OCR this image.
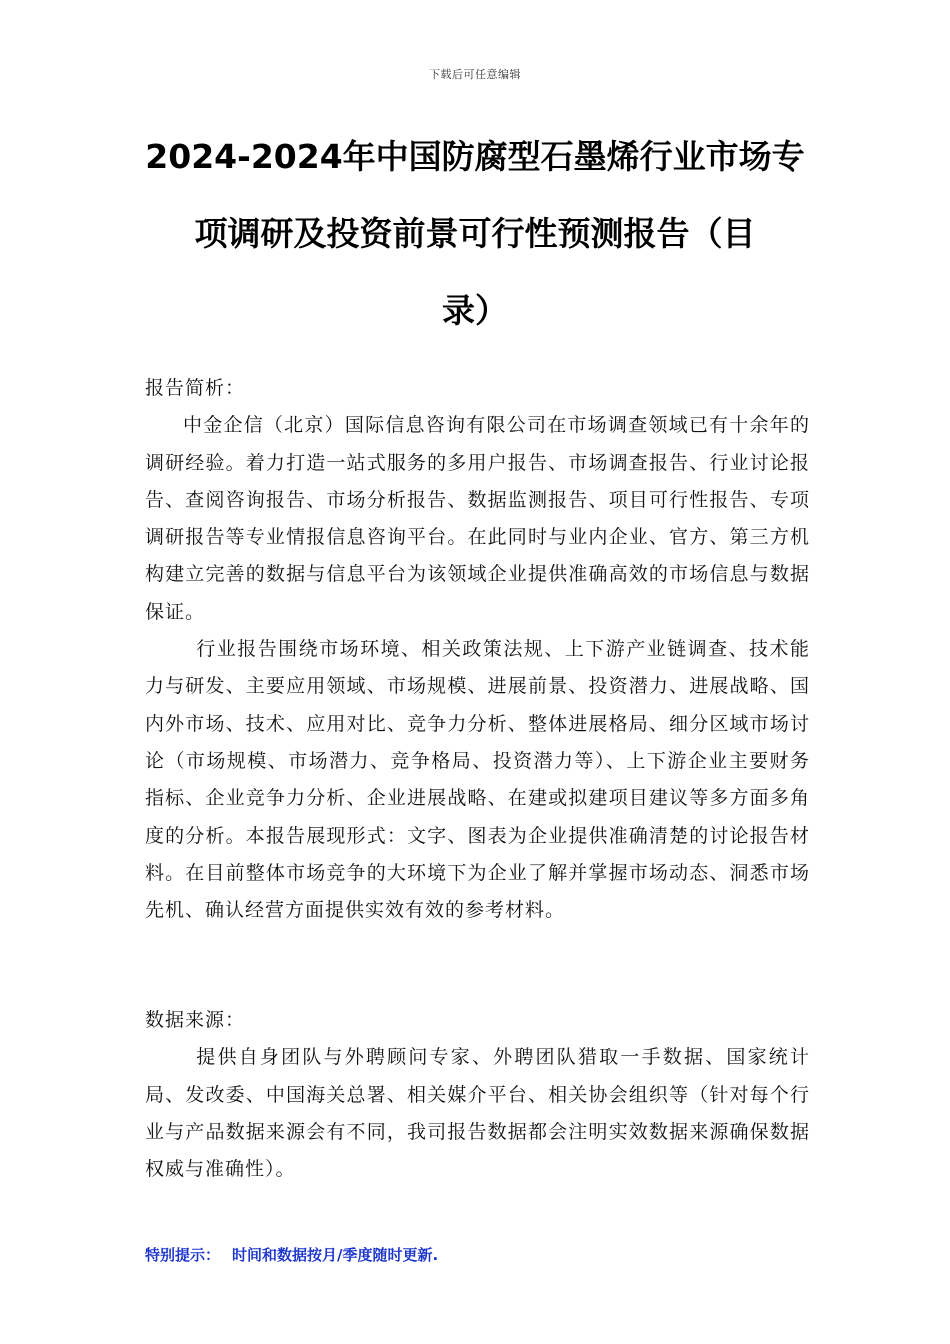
下载后可任意编辑
2024-2024年中国防腐型石墨烯行业市场专
项调研及投资前景可行性预测报告（目
录）

报告简析：

中金企信（北京）国际信息咨询有限公司在市场调查领域已有十余年的调研经验。着力打造一站式服务的多用户报告、市场调查报告、行业讨论报告、查阅咨询报告、市场分析报告、数据监测报告、项目可行性报告、专项调研报告等专业情报信息咨询平台。在此同时与业内企业、官方、第三方机构建立完善的数据与信息平台为该领域企业提供准确高效的市场信息与数据保证。

行业报告围绕市场环境、相关政策法规、上下游产业链调查、技术能力与研发、主要应用领域、市场规模、进展前景、投资潜力、进展战略、国内外市场、技术、应用对比、竞争力分析、整体进展格局、细分区域市场讨论（市场规模、市场潜力、竞争格局、投资潜力等）、上下游企业主要财务指标、企业竞争力分析、企业进展战略、在建或拟建项目建议等多方面多角度的分析。本报告展现形式：文字、图表为企业提供准确清楚的讨论报告材料。在目前整体市场竞争的大环境下为企业了解并掌握市场动态、洞悉市场先机、确认经营方面提供实效有效的参考材料。

数据来源：

提供自身团队与外聘顾问专家、外聘团队猎取一手数据、国家统计局、发改委、中国海关总署、相关媒介平台、相关协会组织等（针对每个行业与产品数据来源会有不同，我司报告数据都会注明实效数据来源确保数据权威与准确性）。

特别提示： 时间和数据按月/季度随时更新.
